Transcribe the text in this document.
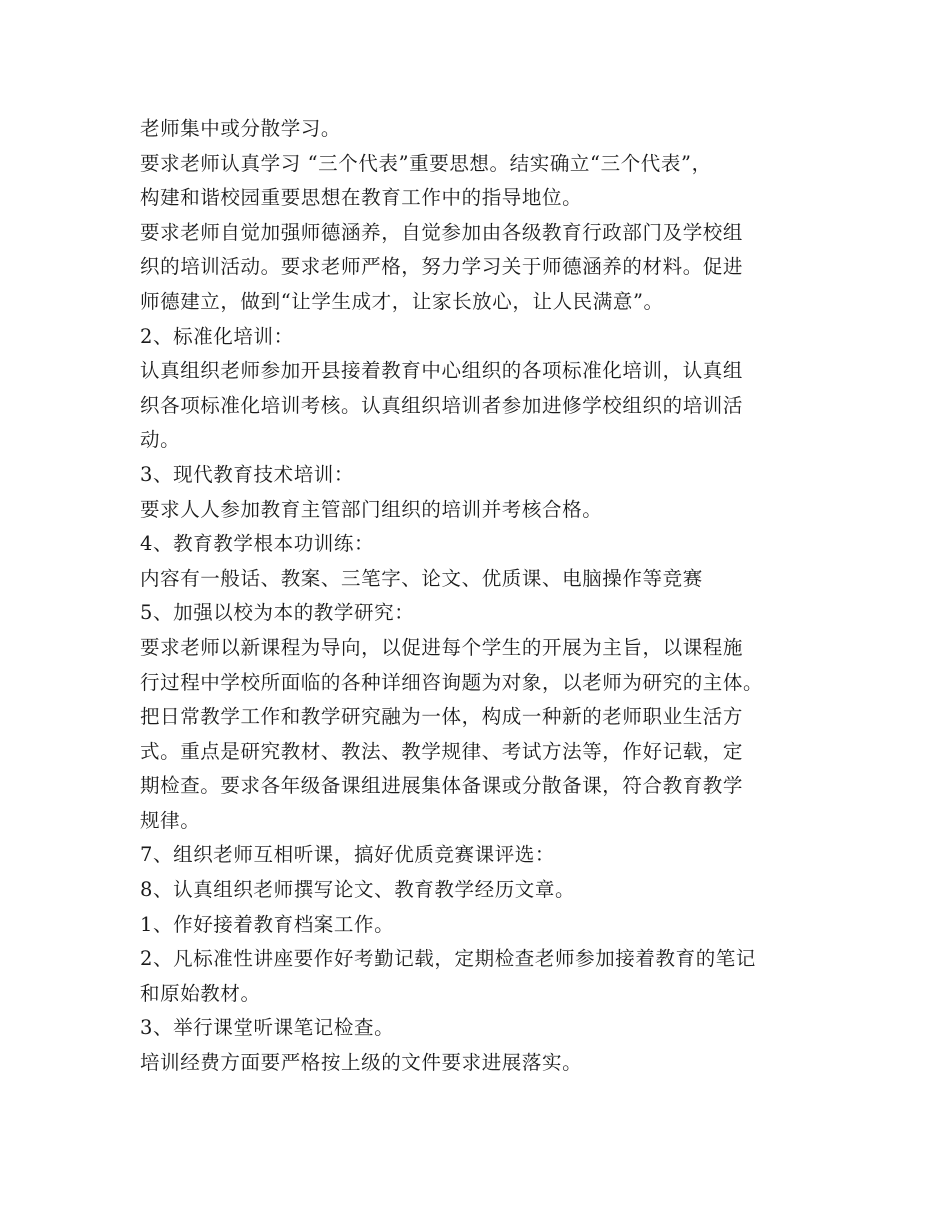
老师集中或分散学习。
要求老师认真学习 “三个代表”重要思想。结实确立“三个代表”，
构建和谐校园重要思想在教育工作中的指导地位。
要求老师自觉加强师德涵养，自觉参加由各级教育行政部门及学校组
织的培训活动。要求老师严格，努力学习关于师德涵养的材料。促进
师德建立，做到“让学生成才，让家长放心，让人民满意”。
2、标准化培训：
认真组织老师参加开县接着教育中心组织的各项标准化培训，认真组
织各项标准化培训考核。认真组织培训者参加进修学校组织的培训活
动。
3、现代教育技术培训：
要求人人参加教育主管部门组织的培训并考核合格。
4、教育教学根本功训练：
内容有一般话、教案、三笔字、论文、优质课、电脑操作等竞赛
5、加强以校为本的教学研究：
要求老师以新课程为导向，以促进每个学生的开展为主旨，以课程施
行过程中学校所面临的各种详细咨询题为对象，以老师为研究的主体。
把日常教学工作和教学研究融为一体，构成一种新的老师职业生活方
式。重点是研究教材、教法、教学规律、考试方法等，作好记载，定
期检查。要求各年级备课组进展集体备课或分散备课，符合教育教学
规律。
7、组织老师互相听课，搞好优质竞赛课评选：
8、认真组织老师撰写论文、教育教学经历文章。
1、作好接着教育档案工作。
2、凡标准性讲座要作好考勤记载，定期检查老师参加接着教育的笔记
和原始教材。
3、举行课堂听课笔记检查。
培训经费方面要严格按上级的文件要求进展落实。
